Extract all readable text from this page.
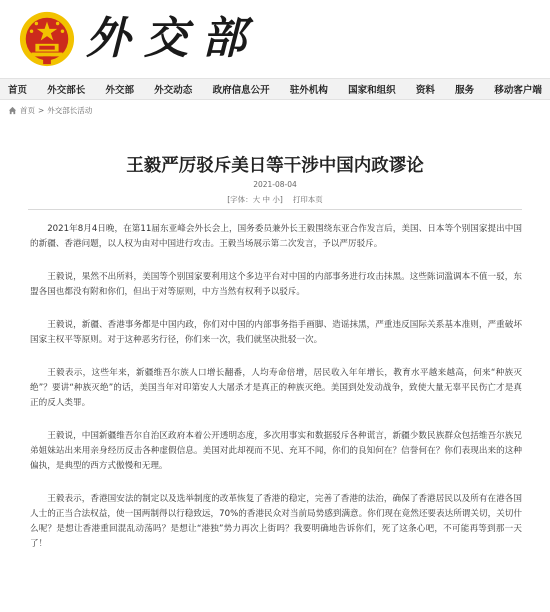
外交部
首页 外交部长 外交部 外交动态 政府信息公开 驻外机构 国家和组织 资料 服务 移动客户端
首页 > 外交部长活动
王毅严厉驳斥美日等干涉中国内政谬论
2021-08-04
[字体：大 中 小] 打印本页

2021年8月4日晚，在第11届东亚峰会外长会上，国务委员兼外长王毅围绕东亚合作发言后，美国、日本等个别国家提出中国的新疆、香港问题，以人权为由对中国进行攻击。王毅当场展示第二次发言，予以严厉驳斥。

王毅说，果然不出所料，美国等个别国家要利用这个多边平台对中国的内部事务进行攻击抹黑。这些陈词滥调本不值一驳，东盟各国也都没有附和你们，但出于对等原则，中方当然有权利予以驳斥。

王毅说，新疆、香港事务都是中国内政，你们对中国的内部事务指手画脚、造谣抹黑，严重违反国际关系基本准则，严重破坏国家主权平等原则。对于这种恶劣行径，你们来一次，我们就坚决批驳一次。

王毅表示，这些年来，新疆维吾尔族人口增长翻番，人均寿命倍增，居民收入年年增长，教育水平越来越高，何来“种族灭绝”？要讲“种族灭绝”的话，美国当年对印第安人大屠杀才是真正的种族灭绝。美国到处发动战争，致使大量无辜平民伤亡才是真正的反人类罪。

王毅说，中国新疆维吾尔自治区政府本着公开透明态度，多次用事实和数据驳斥各种谎言，新疆少数民族群众包括维吾尔族兄弟姐妹站出来用亲身经历反击各种虚假信息。美国对此却视而不见、充耳不闻，你们的良知何在？信誉何在？你们表现出来的这种偏执，是典型的西方式傲慢和无理。

王毅表示，香港国安法的制定以及选举制度的改革恢复了香港的稳定，完善了香港的法治，确保了香港居民以及所有在港各国人士的正当合法权益，使一国两制得以行稳致远，70%的香港民众对当前局势感到满意。你们现在竟然还要表达所谓关切，关切什么呢？是想让香港重回混乱动荡吗？是想让“港独”势力再次上街吗？我要明确地告诉你们，死了这条心吧，不可能再等到那一天了！
